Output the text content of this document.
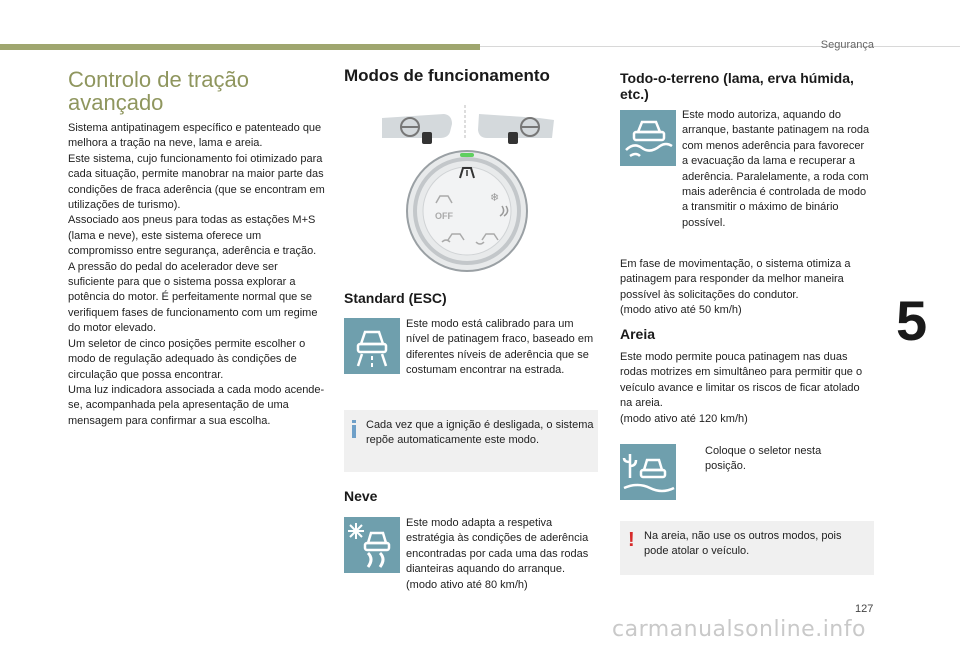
Segurança
5
127
carmanualsonline.info
Controlo de tração avançado

Sistema antipatinagem específico e patenteado que melhora a tração na neve, lama e areia.

Este sistema, cujo funcionamento foi otimizado para cada situação, permite manobrar na maior parte das condições de fraca aderência (que se encontram em utilizações de turismo).

Associado aos pneus para todas as estações M+S (lama e neve), este sistema oferece um compromisso entre segurança, aderência e tração.

A pressão do pedal do acelerador deve ser suficiente para que o sistema possa explorar a potência do motor. É perfeitamente normal que se verifiquem fases de funcionamento com um regime do motor elevado.

Um seletor de cinco posições permite escolher o modo de regulação adequado às condições de circulação que possa encontrar.

Uma luz indicadora associada a cada modo acende-se, acompanhada pela apresentação de uma mensagem para confirmar a sua escolha.

Modos de funcionamento
OFF
❄
Standard (ESC)
Este modo está calibrado para um nível de patinagem fraco, baseado em diferentes níveis de aderência que se costumam encontrar na estrada.
Cada vez que a ignição é desligada, o sistema repõe automaticamente este modo.
Neve
Este modo adapta a respetiva estratégia às condições de aderência encontradas por cada uma das rodas dianteiras aquando do arranque.
(modo ativo até 80 km/h)
Todo-o-terreno (lama, erva húmida, etc.)
Este modo autoriza, aquando do arranque, bastante patinagem na roda com menos aderência para favorecer a evacuação da lama e recuperar a aderência. Paralelamente, a roda com mais aderência é controlada de modo a transmitir o máximo de binário possível.

Em fase de movimentação, o sistema otimiza a patinagem para responder da melhor maneira possível às solicitações do condutor.

(modo ativo até 50 km/h)

Areia

Este modo permite pouca patinagem nas duas rodas motrizes em simultâneo para permitir que o veículo avance e limitar os riscos de ficar atolado na areia.

(modo ativo até 120 km/h)

Coloque o seletor nesta posição.
! Na areia, não use os outros modos, pois pode atolar o veículo.
